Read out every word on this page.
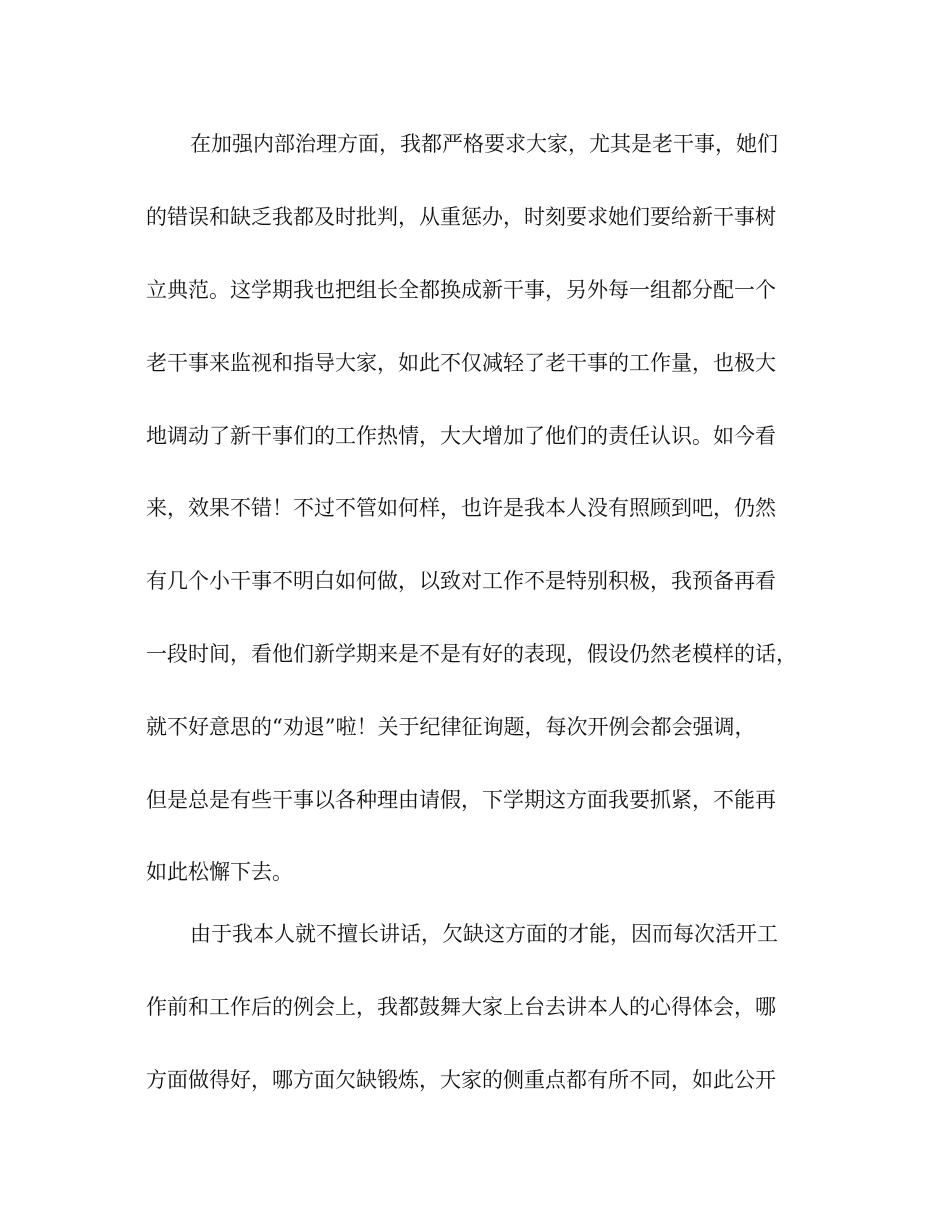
在加强内部治理方面，我都严格要求大家，尤其是老干事，她们
的错误和缺乏我都及时批判，从重惩办，时刻要求她们要给新干事树
立典范。这学期我也把组长全都换成新干事，另外每一组都分配一个
老干事来监视和指导大家，如此不仅减轻了老干事的工作量，也极大
地调动了新干事们的工作热情，大大增加了他们的责任认识。如今看
来，效果不错！不过不管如何样，也许是我本人没有照顾到吧，仍然
有几个小干事不明白如何做，以致对工作不是特别积极，我预备再看
一段时间，看他们新学期来是不是有好的表现，假设仍然老模样的话，
就不好意思的“劝退”啦！关于纪律征询题，每次开例会都会强调，
但是总是有些干事以各种理由请假，下学期这方面我要抓紧，不能再
如此松懈下去。
由于我本人就不擅长讲话，欠缺这方面的才能，因而每次活开工
作前和工作后的例会上，我都鼓舞大家上台去讲本人的心得体会，哪
方面做得好，哪方面欠缺锻炼，大家的侧重点都有所不同，如此公开
